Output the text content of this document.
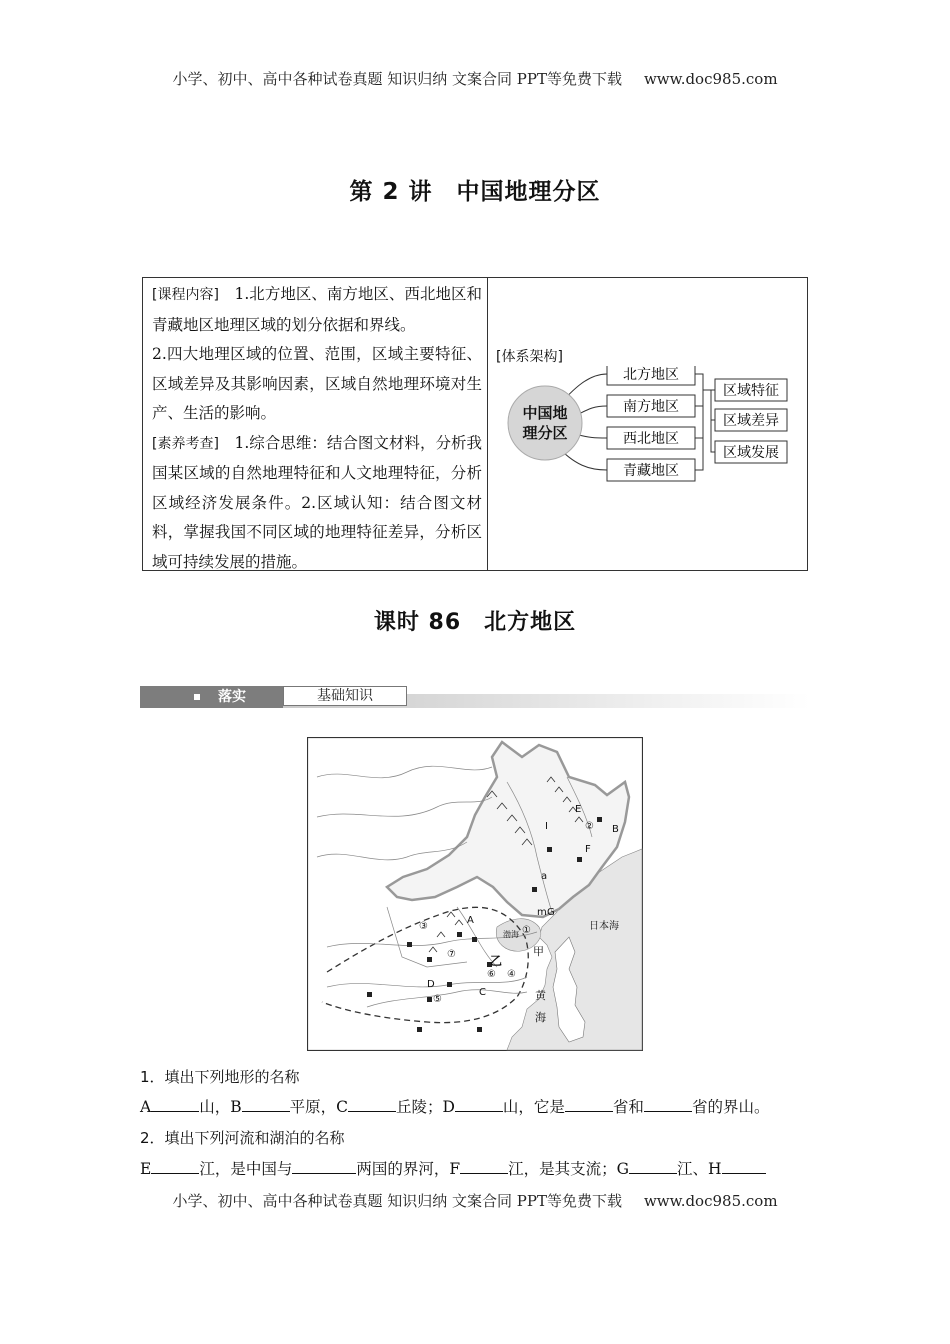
小学、初中、高中各种试卷真题 知识归纳 文案合同 PPT等免费下载 www.doc985.com
第 2 讲　中国地理分区
[课程内容]　1.北方地区、南方地区、西北地区和青藏地区地理区域的划分依据和界线。
2.四大地理区域的位置、范围，区域主要特征、区域差异及其影响因素，区域自然地理环境对生产、生活的影响。
[素养考查]　1.综合思维：结合图文材料，分析我国某区域的自然地理特征和人文地理特征，分析区域经济发展条件。2.区域认知：结合图文材料，掌握我国不同区域的地理特征差异，分析区域可持续发展的措施。
[体系架构]
中国地
理分区
北方地区
南方地区
西北地区
青藏地区
区域特征
区域差异
区域发展
课时 86　北方地区
落实	基础知识
E
B
I
F
a
G
m
A
D
C
乙
甲
①
②
③
④
⑤
⑥
⑦
日本海
黄
海
渤海
1．填出下列地形的名称
A	山，B	平原，C	丘陵；D	山，它是	省和	省的界山。
2．填出下列河流和湖泊的名称
E	江，是中国与	两国的界河，F	江，是其支流；G	江、H
小学、初中、高中各种试卷真题 知识归纳 文案合同 PPT等免费下载 www.doc985.com
